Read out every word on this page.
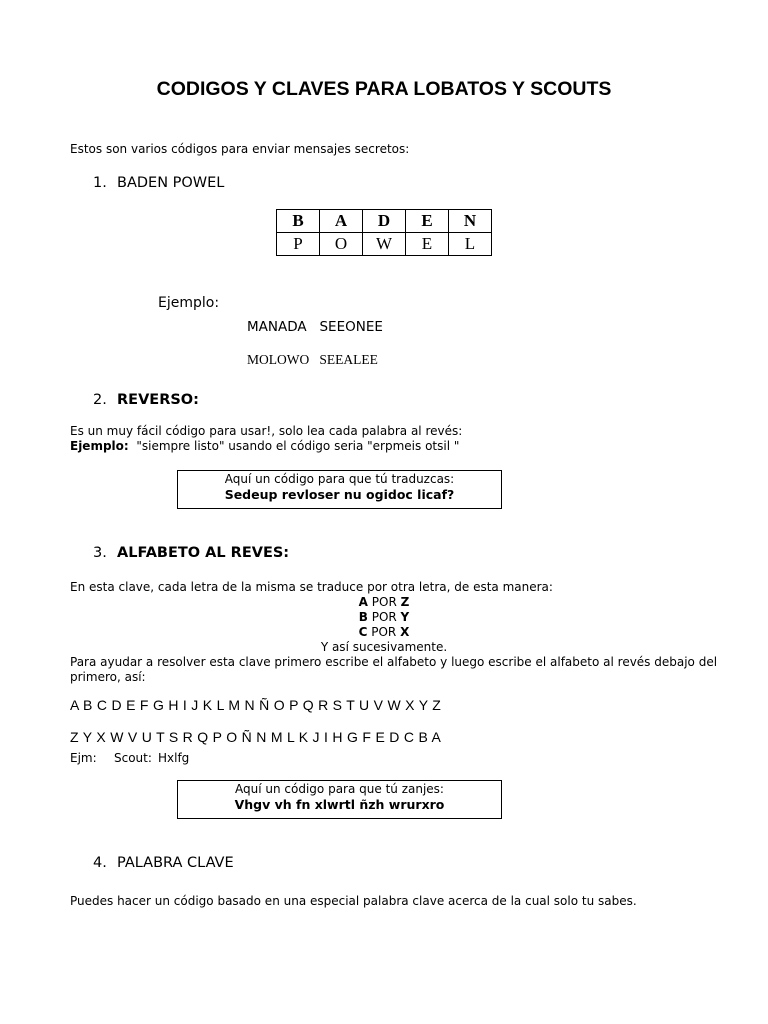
CODIGOS Y CLAVES PARA LOBATOS Y SCOUTS
Estos son varios códigos para enviar mensajes secretos:
1. BADEN POWEL
B	A	D	E	N
P	O	W	E	L
Ejemplo:
MANADA   SEEONEE
MOLOWO   SEEALEE
2. REVERSO:
Es un muy fácil código para usar!, solo lea cada palabra al revés:
Ejemplo:  "siempre listo" usando el código seria "erpmeis otsil "
Aquí un código para que tú traduzcas:
Sedeup revloser nu ogidoc licaf?
3. ALFABETO AL REVES:
En esta clave, cada letra de la misma se traduce por otra letra, de esta manera:
A POR Z
B POR Y
C POR X
Y así sucesivamente.
Para ayudar a resolver esta clave primero escribe el alfabeto y luego escribe el alfabeto al revés debajo del
primero, así:
A B C D E F G H I J K L M N Ñ O P Q R S T U V W X Y Z
Z Y X W V U T S R Q P O Ñ N M L K J I H G F E D C B A
Ejm: Scout: Hxlfg
Aquí un código para que tú zanjes:
Vhgv vh fn xlwrtl ñzh wrurxro
4. PALABRA CLAVE
Puedes hacer un código basado en una especial palabra clave acerca de la cual solo tu sabes.
